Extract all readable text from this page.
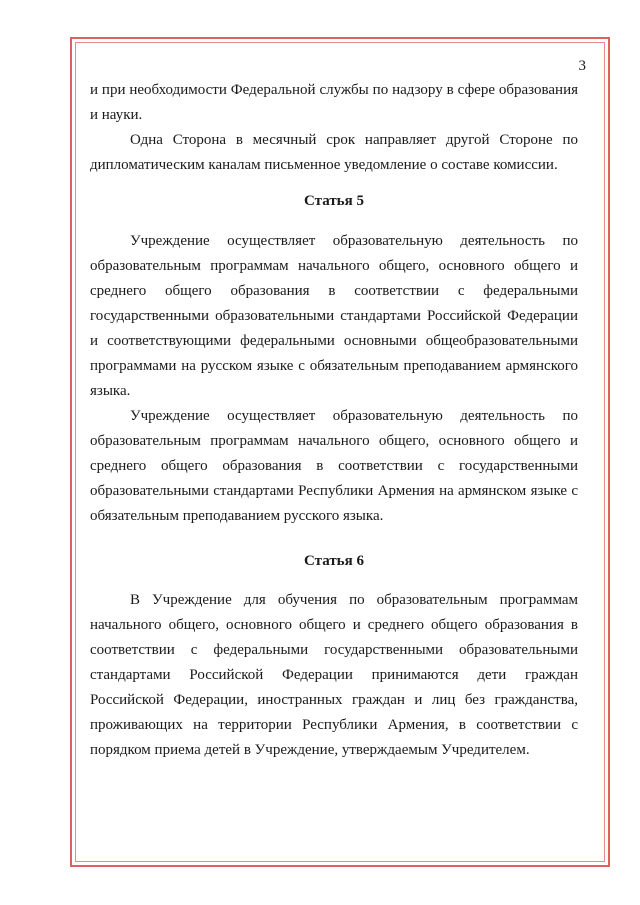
3

и при необходимости Федеральной службы по надзору в сфере образования и науки.

Одна Сторона в месячный срок направляет другой Стороне по дипломатическим каналам письменное уведомление о составе комиссии.

Статья 5

Учреждение осуществляет образовательную деятельность по образовательным программам начального общего, основного общего и среднего общего образования в соответствии с федеральными государственными образовательными стандартами Российской Федерации и соответствующими федеральными основными общеобразовательными программами на русском языке с обязательным преподаванием армянского языка.

Учреждение осуществляет образовательную деятельность по образовательным программам начального общего, основного общего и среднего общего образования в соответствии с государственными образовательными стандартами Республики Армения на армянском языке с обязательным преподаванием русского языка.

Статья 6

В Учреждение для обучения по образовательным программам начального общего, основного общего и среднего общего образования в соответствии с федеральными государственными образовательными стандартами Российской Федерации принимаются дети граждан Российской Федерации, иностранных граждан и лиц без гражданства, проживающих на территории Республики Армения, в соответствии с порядком приема детей в Учреждение, утверждаемым Учредителем.
